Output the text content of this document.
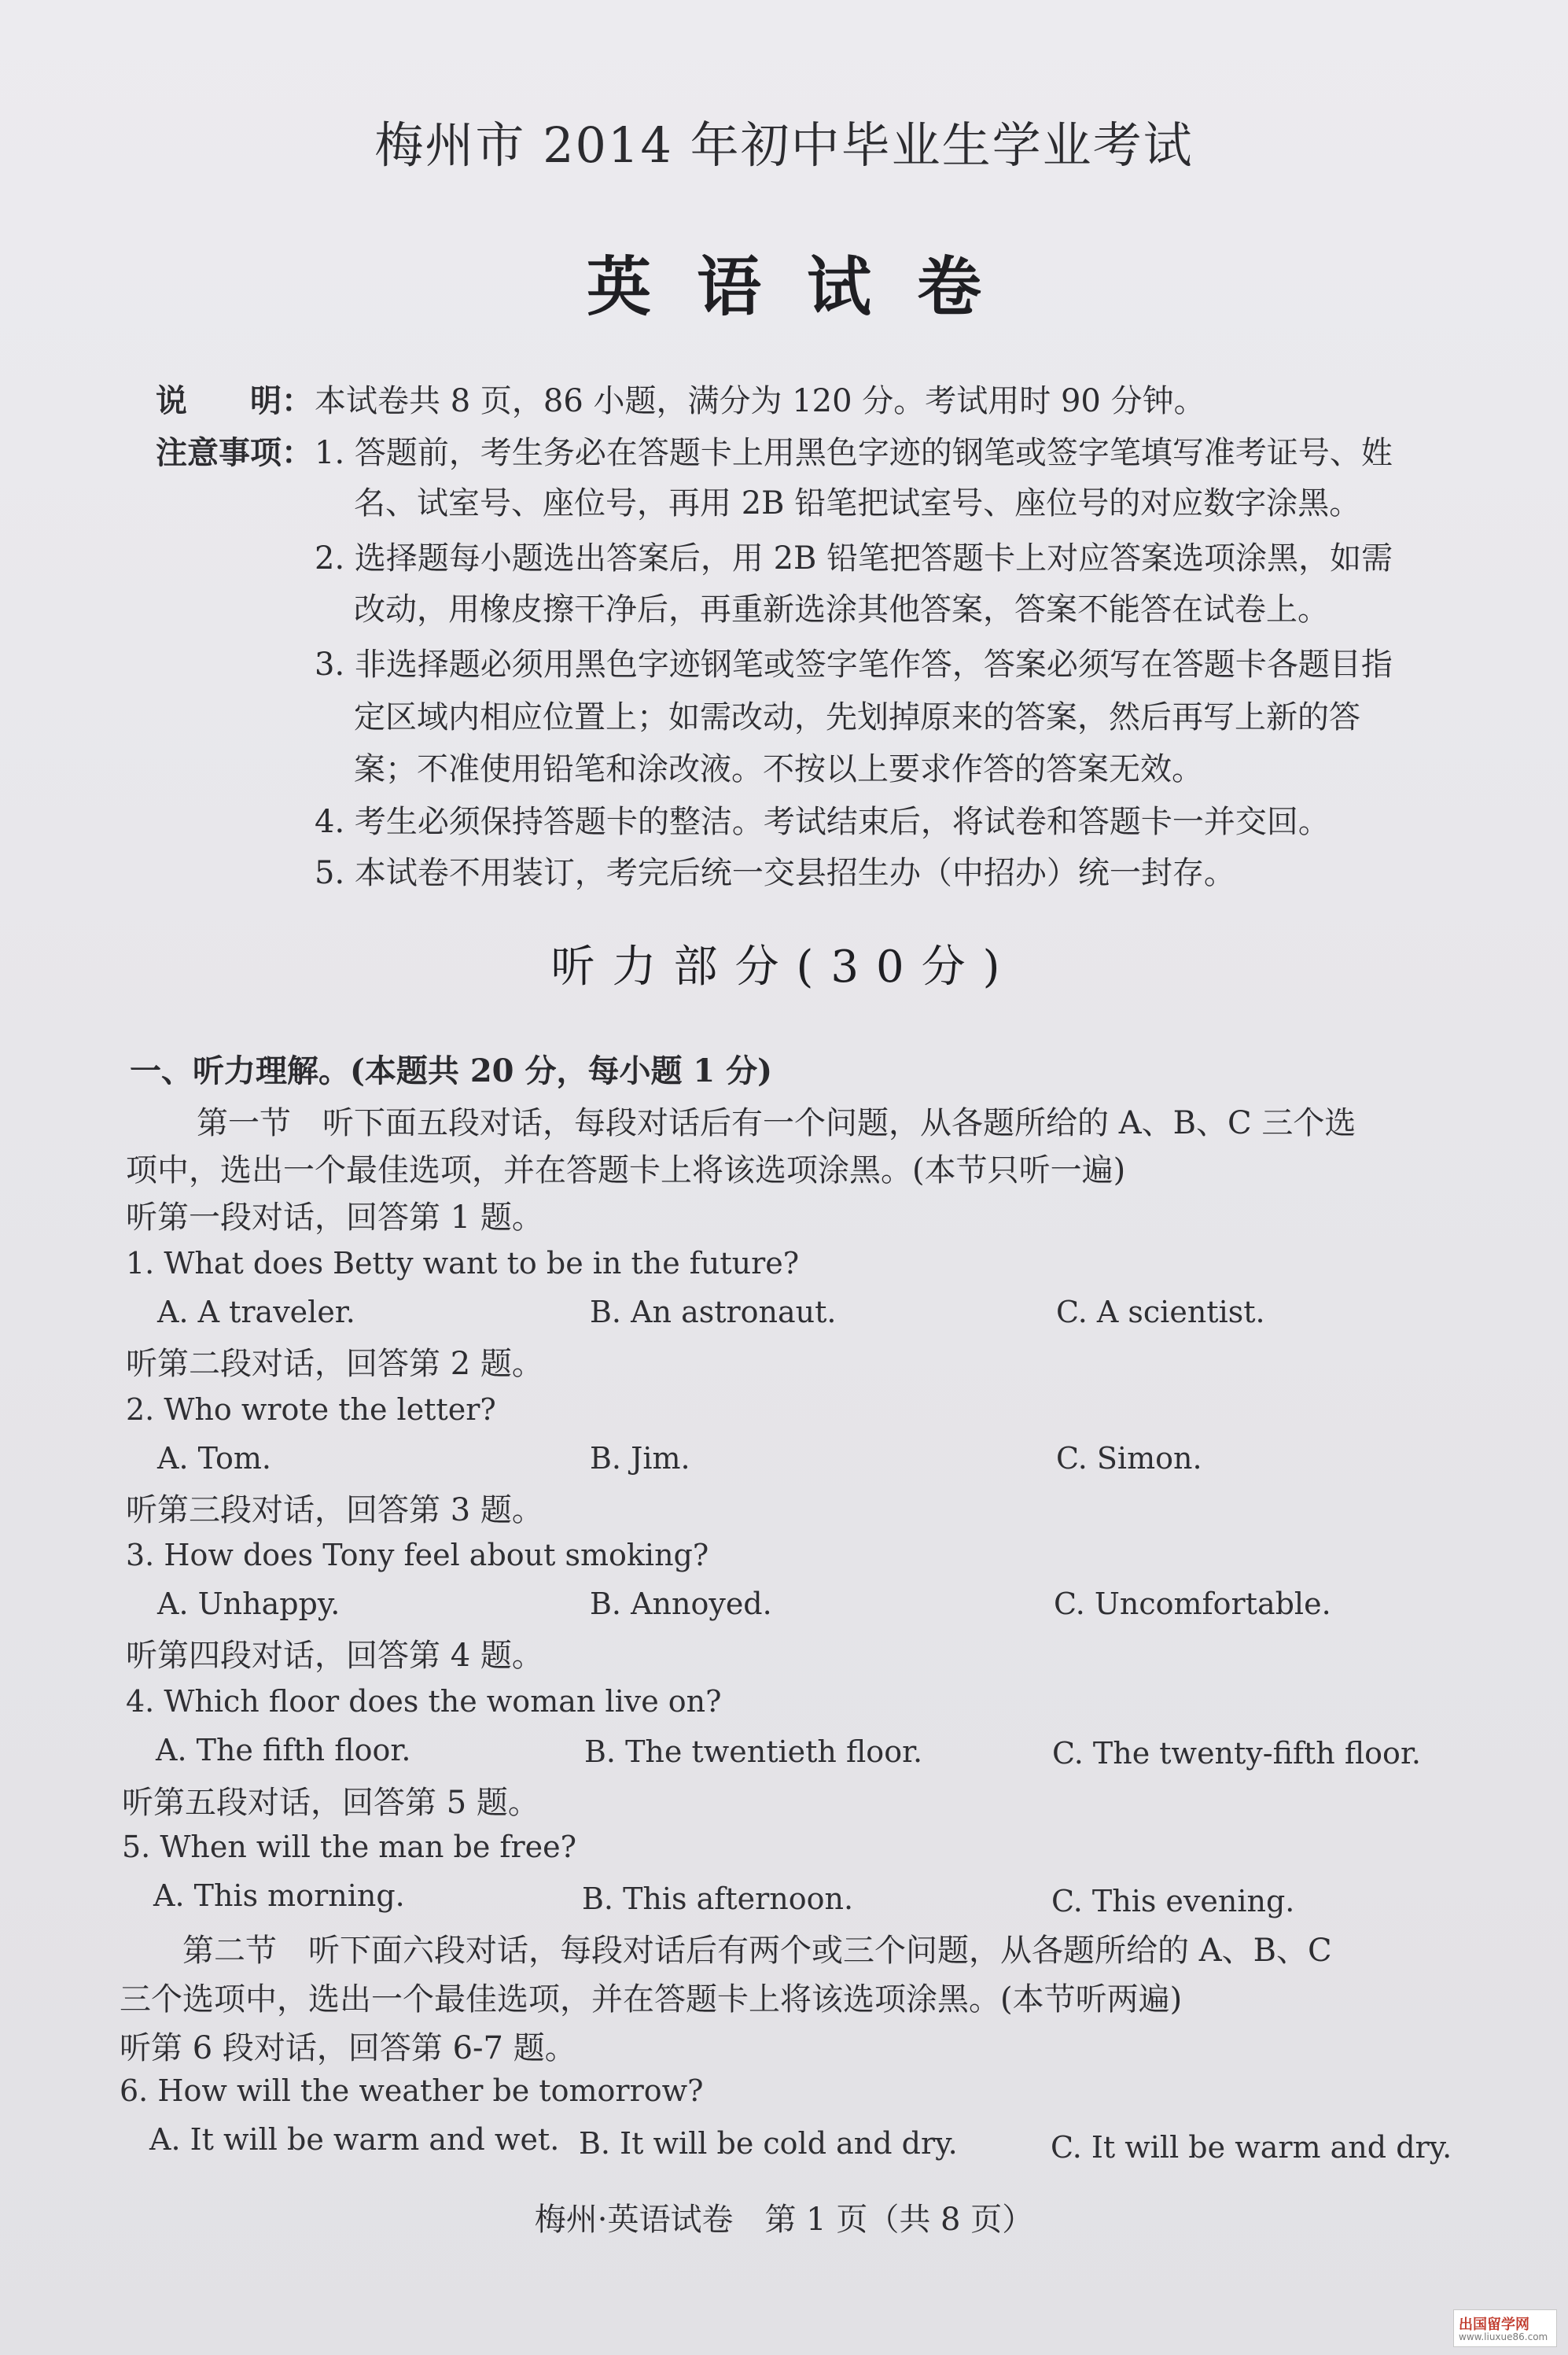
梅州市 2014 年初中毕业生学业考试
英语试卷
说　　明： 本试卷共 8 页，86 小题，满分为 120 分。考试用时 90 分钟。
注意事项： 1. 答题前，考生务必在答题卡上用黑色字迹的钢笔或签字笔填写准考证号、姓
名、试室号、座位号，再用 2B 铅笔把试室号、座位号的对应数字涂黑。
2. 选择题每小题选出答案后，用 2B 铅笔把答题卡上对应答案选项涂黑，如需
改动，用橡皮擦干净后，再重新选涂其他答案，答案不能答在试卷上。
3. 非选择题必须用黑色字迹钢笔或签字笔作答，答案必须写在答题卡各题目指
定区域内相应位置上；如需改动，先划掉原来的答案，然后再写上新的答
案；不准使用铅笔和涂改液。不按以上要求作答的答案无效。
4. 考生必须保持答题卡的整洁。考试结束后，将试卷和答题卡一并交回。
5. 本试卷不用装订，考完后统一交县招生办（中招办）统一封存。
听力部分(30分)
一、听力理解。(本题共 20 分，每小题 1 分)
第一节　听下面五段对话，每段对话后有一个问题，从各题所给的 A、B、C 三个选
项中，选出一个最佳选项，并在答题卡上将该选项涂黑。(本节只听一遍)
听第一段对话，回答第 1 题。
1. What does Betty want to be in the future?
A. A traveler.	B. An astronaut.	C. A scientist.
听第二段对话，回答第 2 题。
2. Who wrote the letter?
A. Tom.	B. Jim.	C. Simon.
听第三段对话，回答第 3 题。
3. How does Tony feel about smoking?
A. Unhappy.	B. Annoyed.	C. Uncomfortable.
听第四段对话，回答第 4 题。
4. Which floor does the woman live on?
A. The fifth floor.	B. The twentieth floor.	C. The twenty-fifth floor.
听第五段对话，回答第 5 题。
5. When will the man be free?
A. This morning.	B. This afternoon.	C. This evening.
第二节　听下面六段对话，每段对话后有两个或三个问题，从各题所给的 A、B、C
三个选项中，选出一个最佳选项，并在答题卡上将该选项涂黑。(本节听两遍)
听第 6 段对话，回答第 6-7 题。
6. How will the weather be tomorrow?
A. It will be warm and wet. B. It will be cold and dry.	C. It will be warm and dry.
梅州·英语试卷　第 1 页（共 8 页）
出国留学网
www.liuxue86.com
